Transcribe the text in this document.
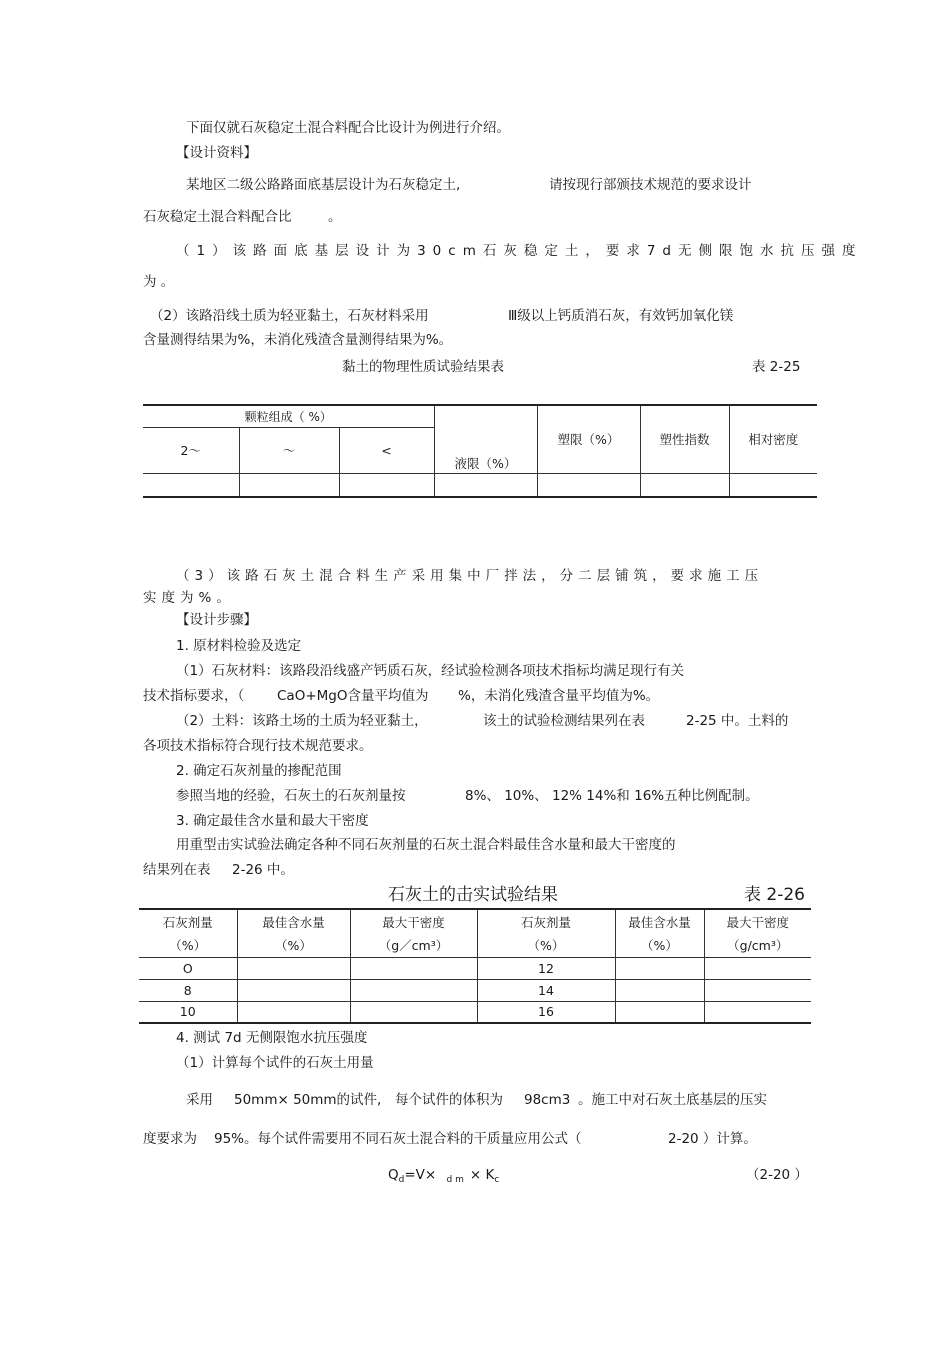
下面仅就石灰稳定土混合料配合比设计为例进行介绍。
【设计资料】
某地区二级公路路面底基层设计为石灰稳定土,	请按现行部颁技术规范的要求设计
石灰稳定土混合料配合比	。
（1）该路面底基层设计为30cm石灰稳定土，要求7d无侧限饱水抗压强度
为 。
（2）该路沿线土质为轻亚黏土，石灰材料采用	Ⅲ级以上钙质消石灰，有效钙加氧化镁
含量测得结果为%，未消化残渣含量测得结果为%。
黏土的物理性质试验结果表	表 2-25
颗粒组成（ %）			液限（%）	塑限（%）	塑性指数	相对密度
2～	～	<				

（3）该路石灰土混合料生产采用集中厂拌法，分二层铺筑，要求施工压
实度为%。
【设计步骤】
1. 原材料检验及选定
（1）石灰材料：该路段沿线盛产钙质石灰，经试验检测各项技术指标均满足现行有关
技术指标要求，（ CaO+MgO含量平均值为 %，未消化残渣含量平均值为%。
（2）土料：该路土场的土质为轻亚黏土，	该土的试验检测结果列在表	2-25 中。土料的
各项技术指标符合现行技术规范要求。
2. 确定石灰剂量的掺配范围
参照当地的经验，石灰土的石灰剂量按	8%、 10%、 12% 14%和 16%五种比例配制。
3. 确定最佳含水量和最大干密度
用重型击实试验法确定各种不同石灰剂量的石灰土混合料最佳含水量和最大干密度的
结果列在表 2-26 中。
石灰土的击实试验结果	表 2-26
石灰剂量	最佳含水量	最大干密度	石灰剂量	最佳含水量	最大干密度
（%）	（%）	（g／cm³）	（%）	（%）	（g/cm³）
O			12		
8			14		
10			16		
4. 测试 7d 无侧限饱水抗压强度
（1）计算每个试件的石灰土用量
采用 50mm× 50mm的试件, 每个试件的体积为 98cm3 。施工中对石灰土底基层的压实
度要求为 95%。每个试件需要用不同石灰土混合料的干质量应用公式（	2-20 ）计算。
$Q_d=V\times _{d m} \times K_c$	（2-20 ）
